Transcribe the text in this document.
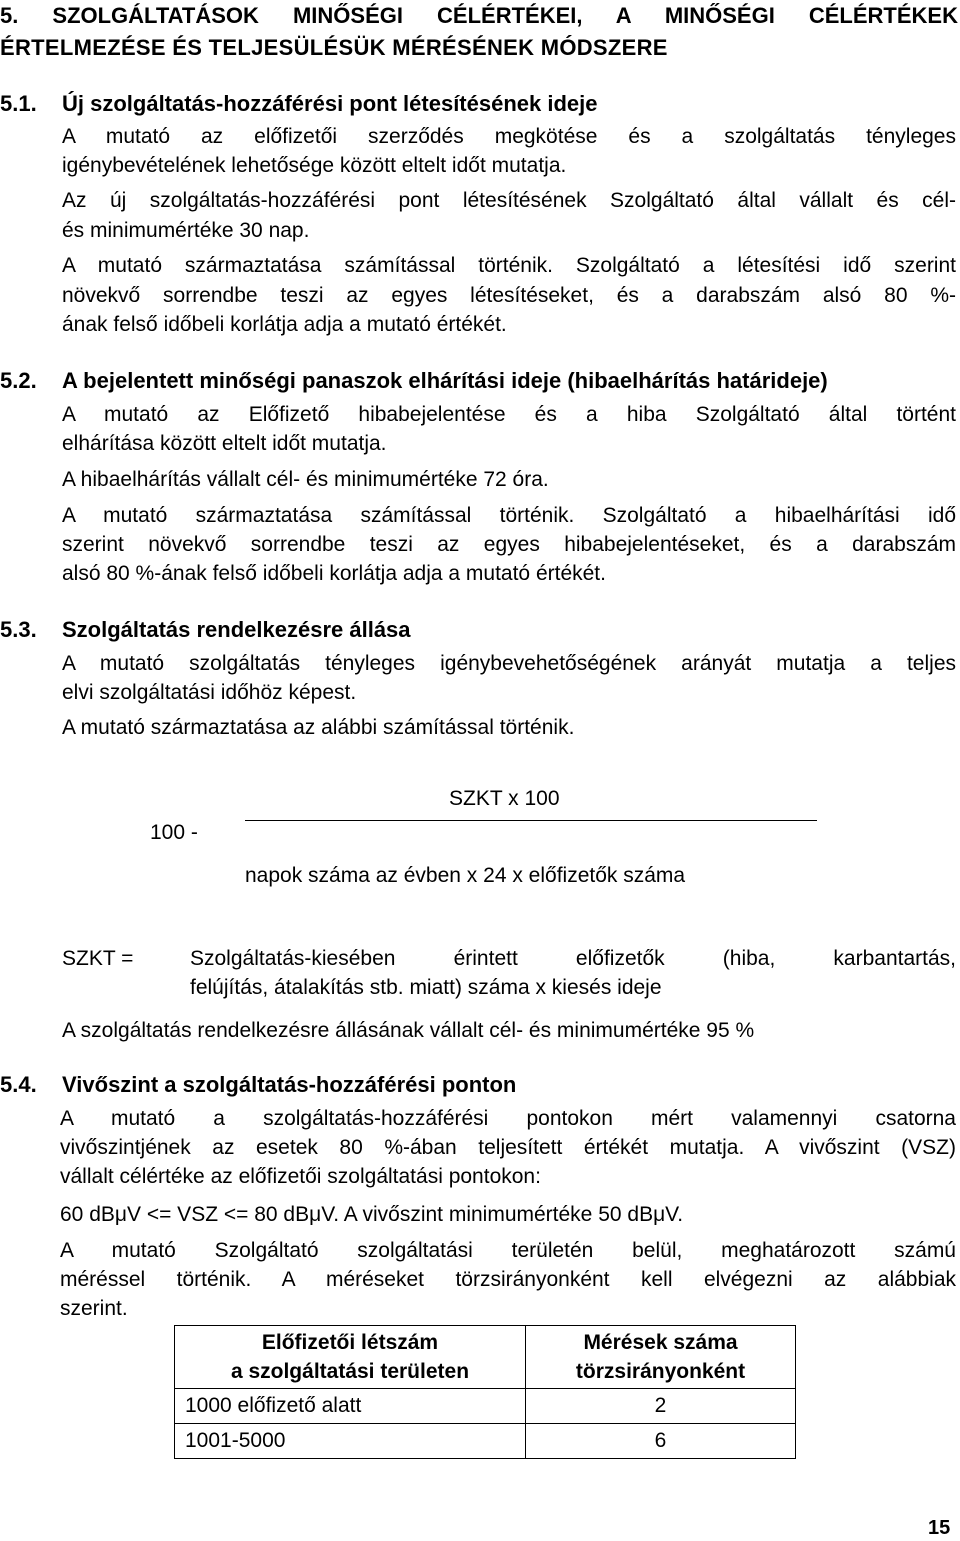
5. SZOLGÁLTATÁSOK MINŐSÉGI CÉLÉRTÉKEI, A MINŐSÉGI CÉLÉRTÉKEK
ÉRTELMEZÉSE ÉS TELJESÜLÉSÜK MÉRÉSÉNEK MÓDSZERE
5.1. Új szolgáltatás-hozzáférési pont létesítésének ideje
A mutató az előfizetői szerződés megkötése és a szolgáltatás tényleges
igénybevételének lehetősége között eltelt időt mutatja.
Az új szolgáltatás-hozzáférési pont létesítésének Szolgáltató által vállalt és cél-
és minimumértéke 30 nap.
A mutató származtatása számítással történik. Szolgáltató a létesítési idő szerint
növekvő sorrendbe teszi az egyes létesítéseket, és a darabszám alsó 80 %-
ának felső időbeli korlátja adja a mutató értékét.
5.2. A bejelentett minőségi panaszok elhárítási ideje (hibaelhárítás határideje)
A mutató az Előfizető hibabejelentése és a hiba Szolgáltató által történt
elhárítása között eltelt időt mutatja.
A hibaelhárítás vállalt cél- és minimumértéke 72 óra.
A mutató származtatása számítással történik. Szolgáltató a hibaelhárítási idő
szerint növekvő sorrendbe teszi az egyes hibabejelentéseket, és a darabszám
alsó 80 %-ának felső időbeli korlátja adja a mutató értékét.
5.3. Szolgáltatás rendelkezésre állása
A mutató szolgáltatás tényleges igénybevehetőségének arányát mutatja a teljes
elvi szolgáltatási időhöz képest.
A mutató származtatása az alábbi számítással történik.
100 -
SZKT x 100
napok száma az évben x 24 x előfizetők száma
SZKT =	Szolgáltatás-kiesében érintett előfizetők (hiba, karbantartás,
felújítás, átalakítás stb. miatt) száma x kiesés ideje
A szolgáltatás rendelkezésre állásának vállalt cél- és minimumértéke 95 %
5.4. Vivőszint a szolgáltatás-hozzáférési ponton
A mutató a szolgáltatás-hozzáférési pontokon mért valamennyi csatorna
vivőszintjének az esetek 80 %-ában teljesített értékét mutatja. A vivőszint (VSZ)
vállalt célértéke az előfizetői szolgáltatási pontokon:
60 dBμV <= VSZ <= 80 dBμV. A vivőszint minimumértéke 50 dBμV.
A mutató Szolgáltató szolgáltatási területén belül, meghatározott számú
méréssel történik. A méréseket törzsirányonként kell elvégezni az alábbiak
szerint.
Előfizetői létszám
a szolgáltatási területen	Mérések száma
törzsirányonként
1000 előfizető alatt	2
1001-5000	6
15
